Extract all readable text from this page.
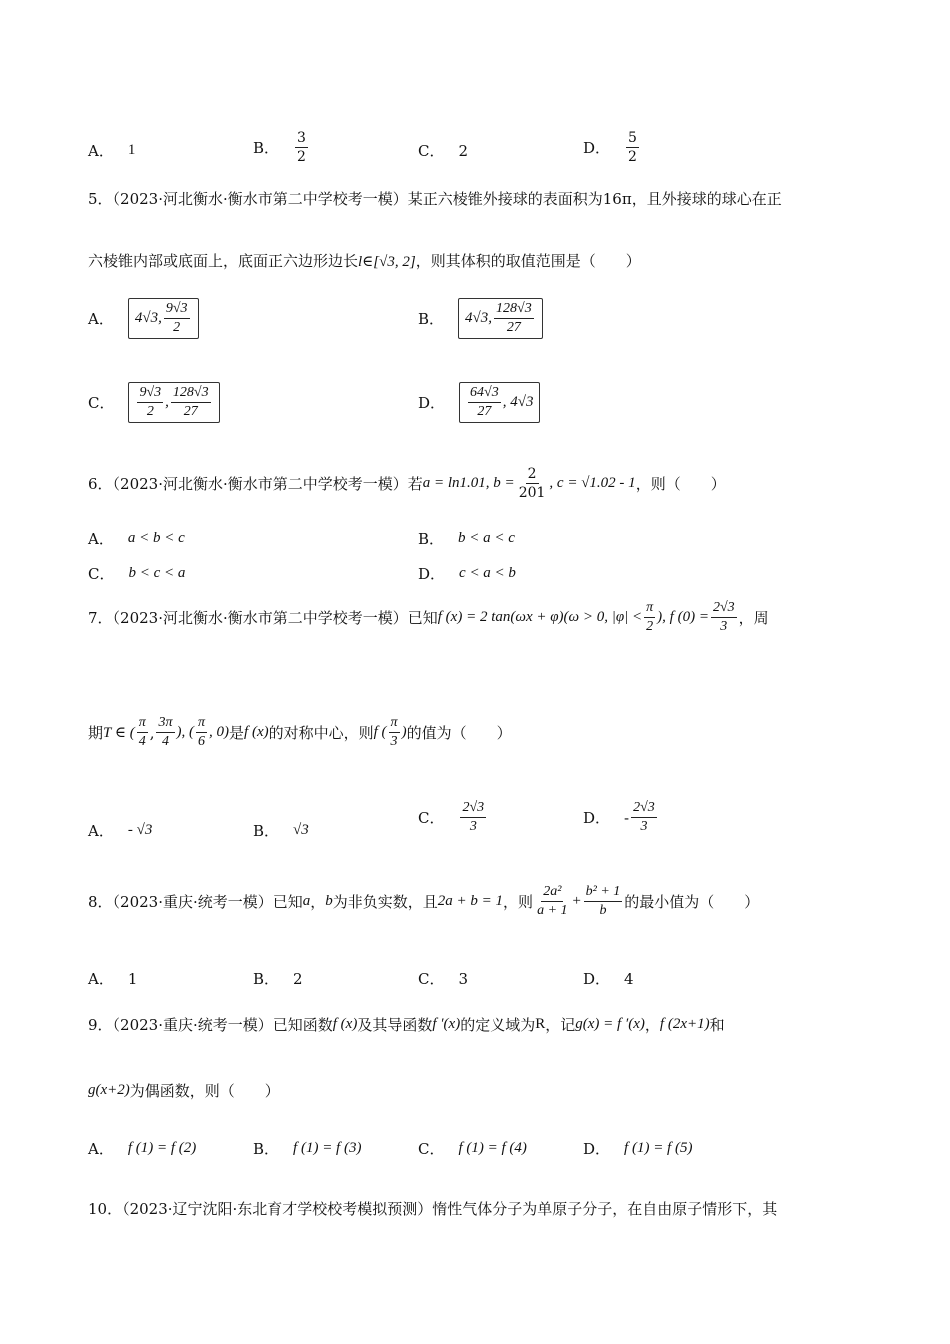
A． 1	B． $\frac{3}{2}$	C． 2	D． $\frac{5}{2}$
5．（2023·河北衡水·衡水市第二中学校考一模）某正六棱锥外接球的表面积为16π，且外接球的球心在正
六棱锥内部或底面上，底面正六边形边长l∈[√3, 2]，则其体积的取值范围是（　　）
A． 4√3, $\frac{9√3}{2}$	B． 4√3, $\frac{128√3}{27}$
C． $\frac{9√3}{2}$ , $\frac{128√3}{27}$	D． $\frac{64√3}{27}$ , 4√3
6．（2023·河北衡水·衡水市第二中学校考一模）若 a = ln1.01, $b = \frac{2}{201}$ , c = √1.02 - 1 ，则（　　）
A． a < b < c	B． b < a < c
C． b < c < a	D． c < a < b
7．（2023·河北衡水·衡水市第二中学校考一模）已知 f (x) = 2 tan(ωx + φ)(ω > 0, $|\varphi| < \frac{\pi}{2}$ ), f $(0) = \frac{2√3}{3}$ ，周
期 T ∈ ( $\frac{\pi}{4}$ , $\frac{3\pi}{4}$ ), ( $\frac{\pi}{6}$ , 0) 是 f (x) 的对称中心，则 f ( $\frac{\pi}{3}$ ) 的值为（　　）
A． - √3	B． √3
C． $\frac{2√3}{3}$	D． - $\frac{2√3}{3}$
8．（2023·重庆·统考一模）已知 a ， b 为非负实数，且 2a + b = 1 ，则 $\frac{\text{2a²}}{a + 1} + \frac{\text{b² + 1}}{b}$ 的最小值为（　　）
A． 1	B． 2	C． 3	D． 4
9．（2023·重庆·统考一模）已知函数 f (x) 及其导函数 f ′(x) 的定义域为 R ，记 g(x) = f ′(x) ， f (2x+1) 和
g(x+2) 为偶函数，则（　　）
A． f (1) = f (2)	B． f (1) = f (3)	C． f (1) = f (4)	D． f (1) = f (5)
10．（2023·辽宁沈阳·东北育才学校校考模拟预测）惰性气体分子为单原子分子，在自由原子情形下，其
